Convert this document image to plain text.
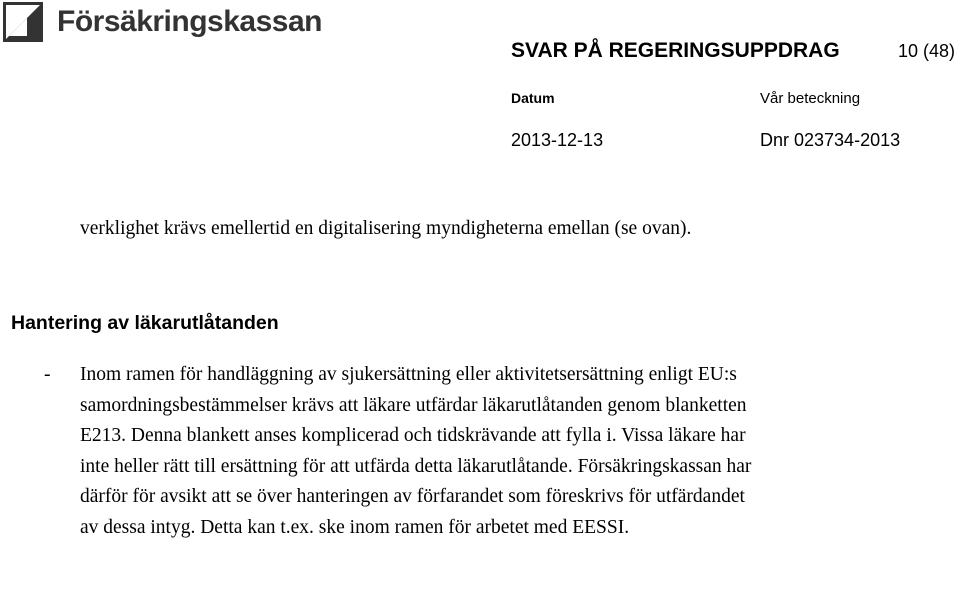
Försäkringskassan
SVAR PÅ REGERINGSUPPDRAG	10 (48)
Datum	Vår beteckning
2013-12-13	Dnr 023734-2013

verklighet krävs emellertid en digitalisering myndigheterna emellan (se ovan).

Hantering av läkarutlåtanden
- Inom ramen för handläggning av sjukersättning eller aktivitetsersättning enligt EU:s samordningsbestämmelser krävs att läkare utfärdar läkarutlåtanden genom blanketten E213. Denna blankett anses komplicerad och tidskrävande att fylla i. Vissa läkare har inte heller rätt till ersättning för att utfärda detta läkarutlåtande. Försäkringskassan har därför för avsikt att se över hanteringen av förfarandet som föreskrivs för utfärdandet av dessa intyg. Detta kan t.ex. ske inom ramen för arbetet med EESSI.
